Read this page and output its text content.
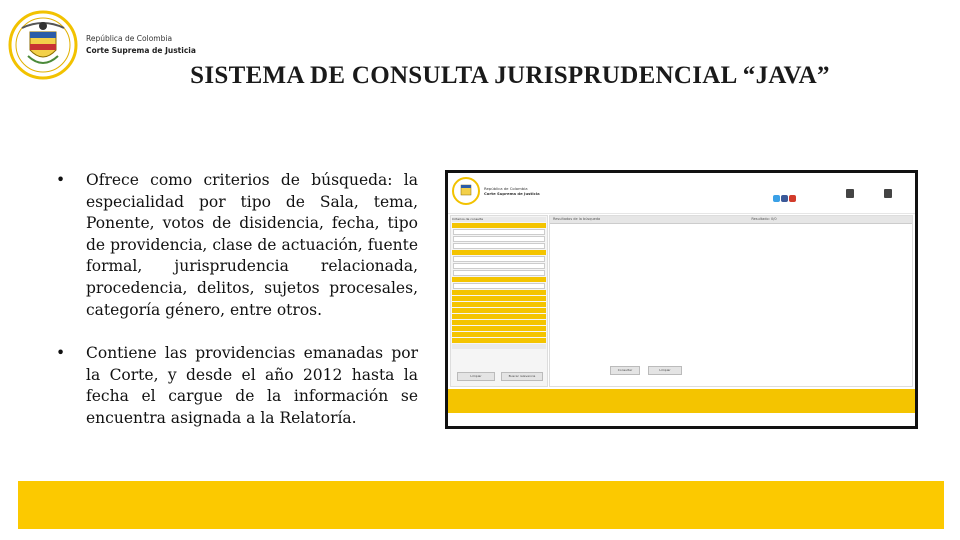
República de Colombia
Corte Suprema de Justicia
SISTEMA DE CONSULTA JURISPRUDENCIAL “JAVA”
• Ofrece como criterios de búsqueda: la especialidad por tipo de Sala, tema, Ponente, votos de disidencia, fecha, tipo de providencia, clase de actuación, fuente formal, jurisprudencia relacionada, procedencia, delitos, sujetos procesales, categoría género, entre otros.
• Contiene las providencias emanadas por la Corte, y desde el año 2012 hasta la fecha el cargue de la información se encuentra asignada a la Relatoría.
República de Colombia
Corte Suprema de Justicia
Criterios de consulta
Limpiar	Buscar relevancia
Resultados de la búsqueda	Resultado: 0/0
Consultar	Limpiar
